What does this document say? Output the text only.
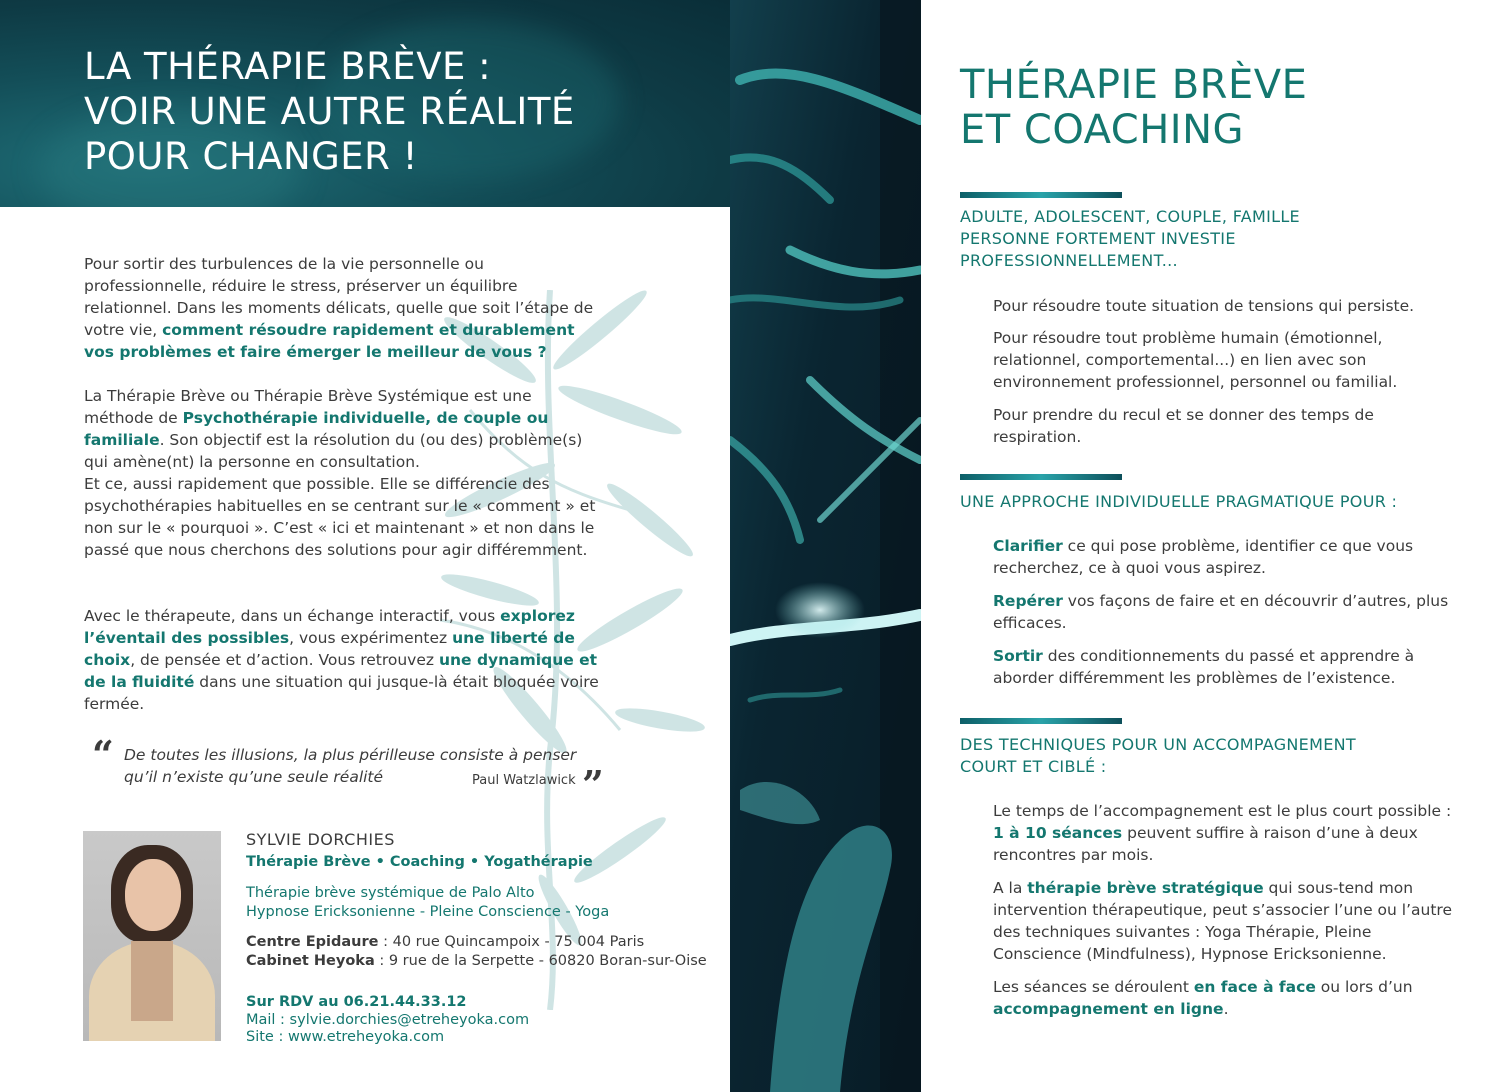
LA THÉRAPIE BRÈVE :
VOIR UNE AUTRE RÉALITÉ
POUR CHANGER !

Pour sortir des turbulences de la vie personnelle ou professionnelle, réduire le stress, préserver un équilibre relationnel. Dans les moments délicats, quelle que soit l’étape de votre vie, comment résoudre rapidement et durablement vos problèmes et faire émerger le meilleur de vous ?

La Thérapie Brève ou Thérapie Brève Systémique est une méthode de Psychothérapie individuelle, de couple ou familiale. Son objectif est la résolution du (ou des) problème(s) qui amène(nt) la personne en consultation.
Et ce, aussi rapidement que possible. Elle se différencie des psychothérapies habituelles en se centrant sur le « comment » et non sur le « pourquoi ». C’est « ici et maintenant » et non dans le passé que nous cherchons des solutions pour agir différemment.

Avec le thérapeute, dans un échange interactif, vous explorez l’éventail des possibles, vous expérimentez une liberté de choix, de pensée et d’action. Vous retrouvez une dynamique et de la fluidité dans une situation qui jusque-là était bloquée voire fermée.

“ De toutes les illusions, la plus périlleuse consiste à penser qu’il n’existe qu’une seule réalité	Paul Watzlawick ”
SYLVIE DORCHIES
Thérapie Brève • Coaching • Yogathérapie
Thérapie brève systémique de Palo Alto
Hypnose Ericksonienne - Pleine Conscience - Yoga
Centre Epidaure : 40 rue Quincampoix - 75 004 Paris
Cabinet Heyoka : 9 rue de la Serpette - 60820 Boran-sur-Oise
Sur RDV au 06.21.44.33.12
Mail : sylvie.dorchies@etreheyoka.com
Site : www.etreheyoka.com
THÉRAPIE BRÈVE
ET COACHING
ADULTE, ADOLESCENT, COUPLE, FAMILLE
PERSONNE FORTEMENT INVESTIE
PROFESSIONNELLEMENT...

Pour résoudre toute situation de tensions qui persiste.

Pour résoudre tout problème humain (émotionnel, relationnel, comportemental...) en lien avec son environnement professionnel, personnel ou familial.

Pour prendre du recul et se donner des temps de respiration.

UNE APPROCHE INDIVIDUELLE PRAGMATIQUE POUR :

Clarifier ce qui pose problème, identifier ce que vous recherchez, ce à quoi vous aspirez.

Repérer vos façons de faire et en découvrir d’autres, plus efficaces.

Sortir des conditionnements du passé et apprendre à aborder différemment les problèmes de l’existence.

DES TECHNIQUES POUR UN ACCOMPAGNEMENT
COURT ET CIBLÉ :

Le temps de l’accompagnement est le plus court possible : 1 à 10 séances peuvent suffire à raison d’une à deux rencontres par mois.

A la thérapie brève stratégique qui sous-tend mon intervention thérapeutique, peut s’associer l’une ou l’autre des techniques suivantes : Yoga Thérapie, Pleine Conscience (Mindfulness), Hypnose Ericksonienne.

Les séances se déroulent en face à face ou lors d’un accompagnement en ligne.
